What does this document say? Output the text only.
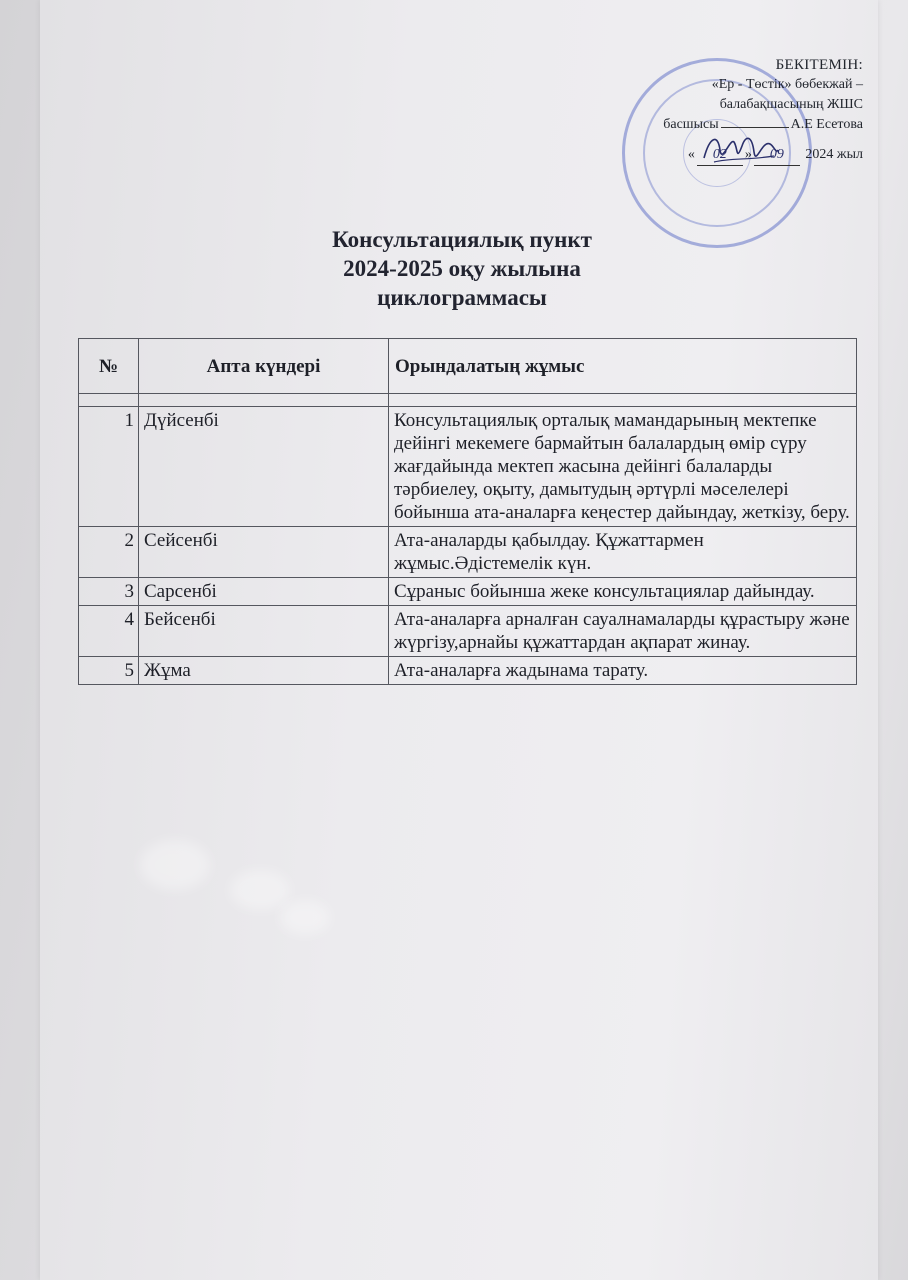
БЕКІТЕМІН:
«Ер - Төстік» бөбекжай –
балабақшасының ЖШС
басшысы	А.Е Есетова
« 02 » 09 2024 жыл
Консультациялық пункт
2024-2025 оқу жылына
циклограммасы
№	Апта күндері	Орындалатың жұмыс

1	Дүйсенбі	Консультациялық орталық мамандарының мектепке дейінгі мекемеге бармайтын балалардың өмір сүру жағдайында мектеп жасына дейінгі балаларды тәрбиелеу, оқыту, дамытудың әртүрлі мәселелері бойынша ата-аналарға кеңестер дайындау, жеткізу, беру.
2	Сейсенбі	Ата-аналарды қабылдау. Құжаттармен жұмыс.Әдістемелік күн.
3	Сарсенбі	Сұраныс бойынша жеке консультациялар дайындау.
4	Бейсенбі	Ата-аналарға арналған сауалнамаларды құрастыру және жүргізу,арнайы құжаттардан ақпарат жинау.
5	Жұма	Ата-аналарға жадынама тарату.
